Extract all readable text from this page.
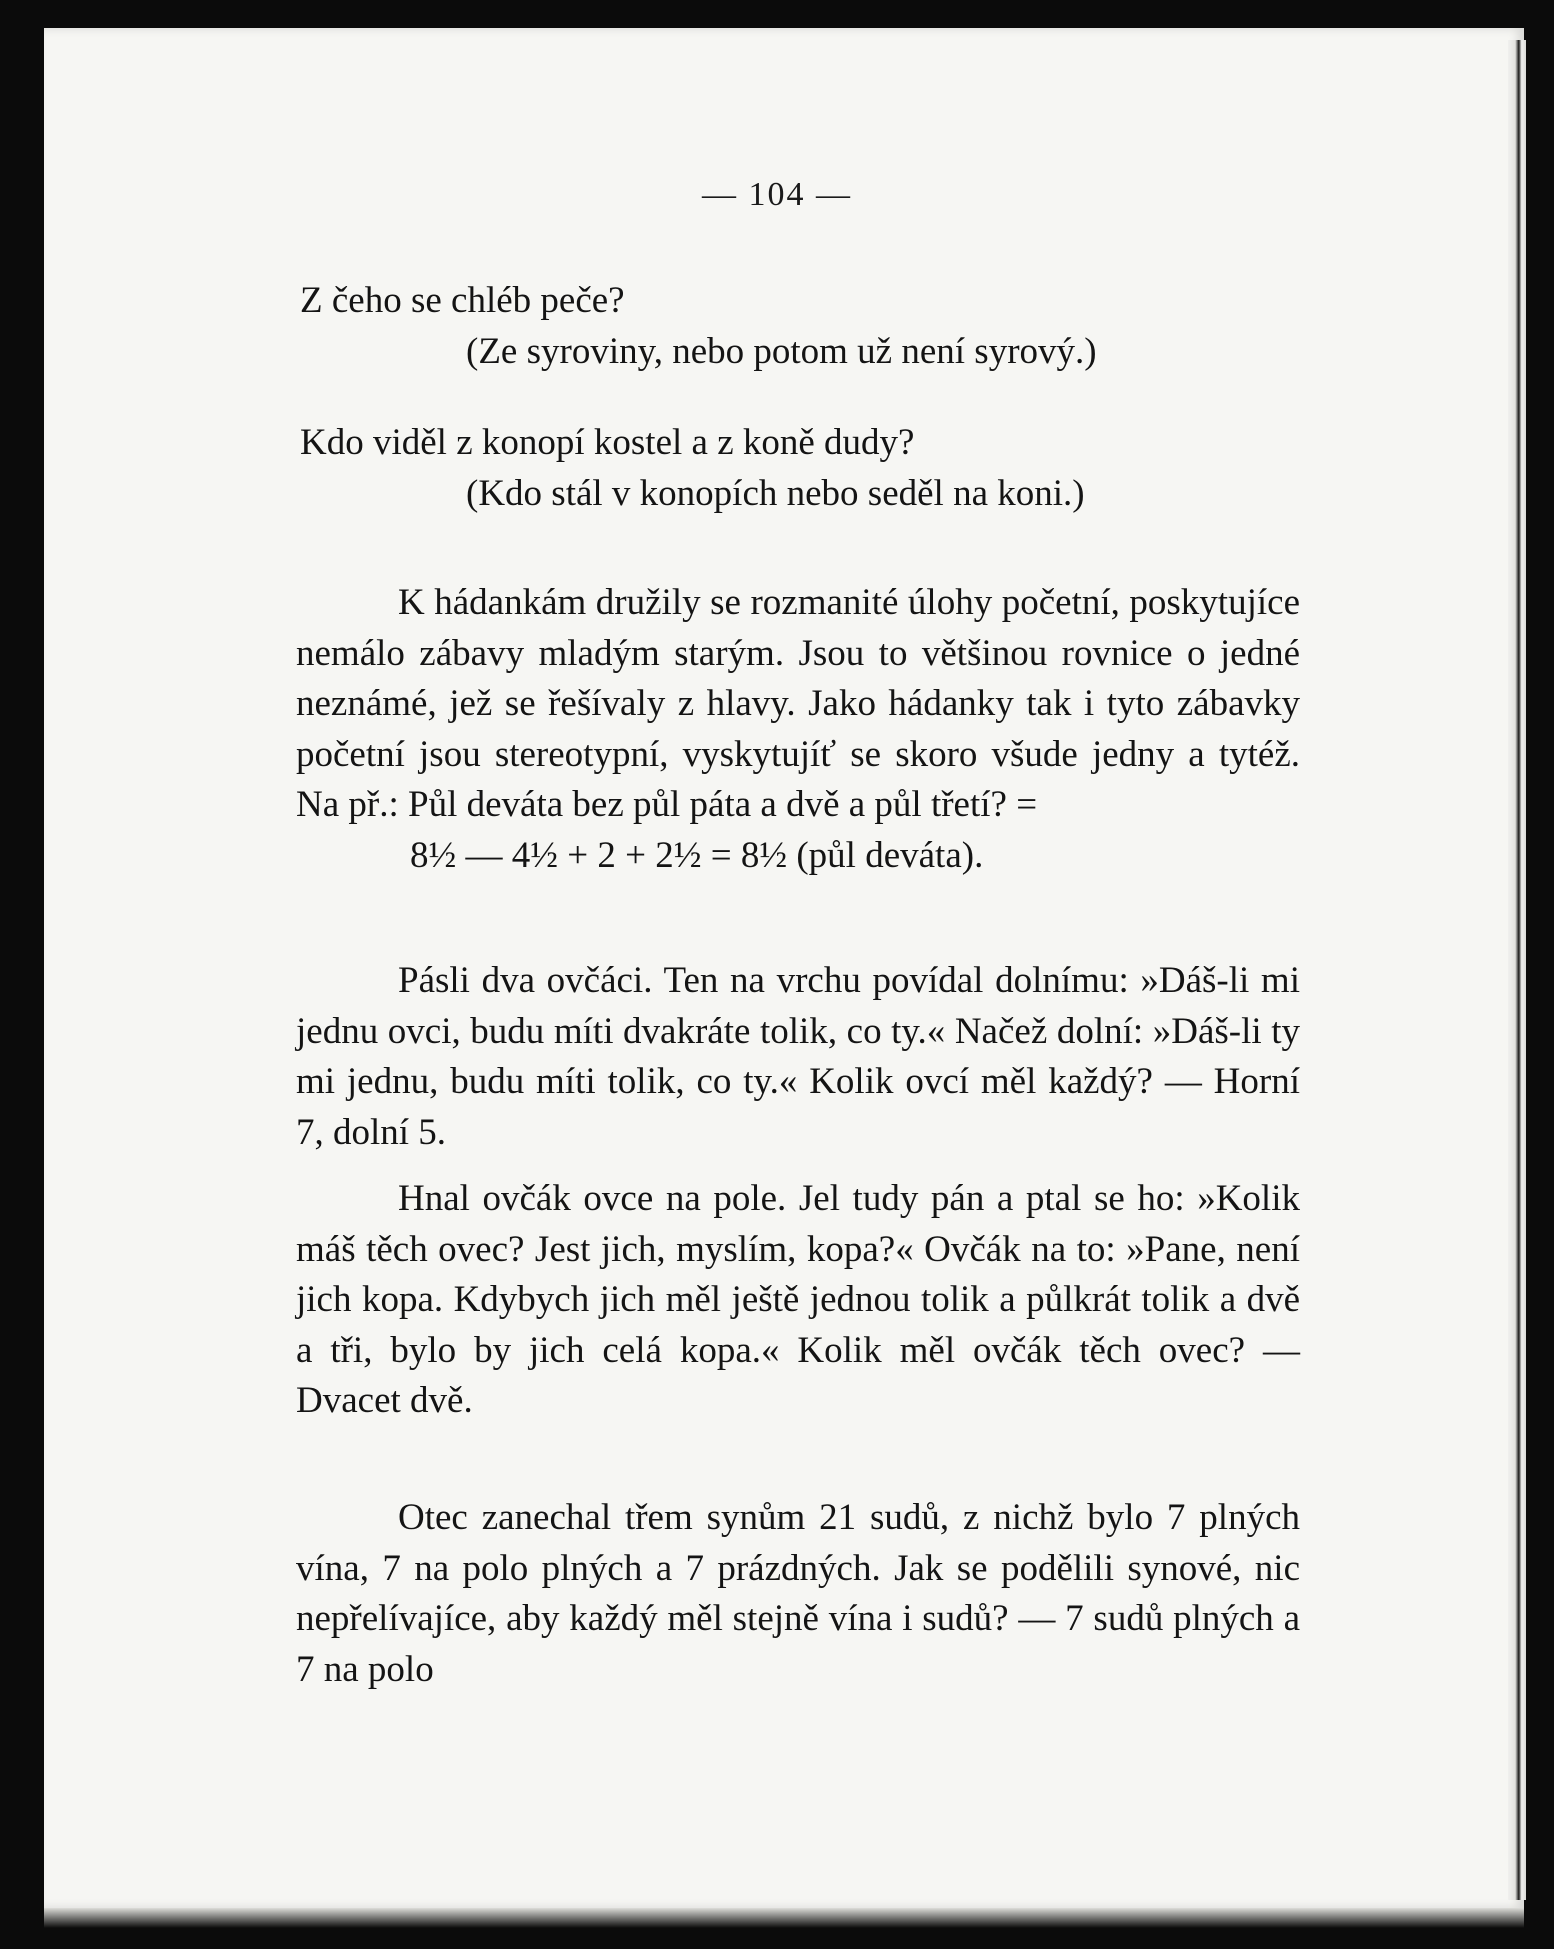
— 104 —
Z čeho se chléb peče?
(Ze syroviny, nebo potom už není syrový.)
Kdo viděl z konopí kostel a z koně dudy?
(Kdo stál v konopích nebo seděl na koni.)

K hádankám družily se rozmanité úlohy početní, poskytujíce nemálo zábavy mladým starým. Jsou to většinou rovnice o jedné neznámé, jež se řešívaly z hlavy. Jako hádanky tak i tyto zábavky početní jsou stereotypní, vyskytujíť se skoro všude jedny a tytéž. Na př.: Půl deváta bez půl páta a dvě a půl třetí? =

8½ — 4½ + 2 + 2½ = 8½ (půl deváta).

Pásli dva ovčáci. Ten na vrchu povídal dolnímu: »Dáš-li mi jednu ovci, budu míti dvakráte tolik, co ty.« Načež dolní: »Dáš-li ty mi jednu, budu míti tolik, co ty.« Kolik ovcí měl každý? — Horní 7, dolní 5.

Hnal ovčák ovce na pole. Jel tudy pán a ptal se ho: »Kolik máš těch ovec? Jest jich, myslím, kopa?« Ovčák na to: »Pane, není jich kopa. Kdybych jich měl ještě jednou tolik a půlkrát tolik a dvě a tři, bylo by jich celá kopa.« Kolik měl ovčák těch ovec? — Dvacet dvě.

Otec zanechal třem synům 21 sudů, z nichž bylo 7 plných vína, 7 na polo plných a 7 prázdných. Jak se podělili synové, nic nepřelívajíce, aby každý měl stejně vína i sudů? — 7 sudů plných a 7 na polo
